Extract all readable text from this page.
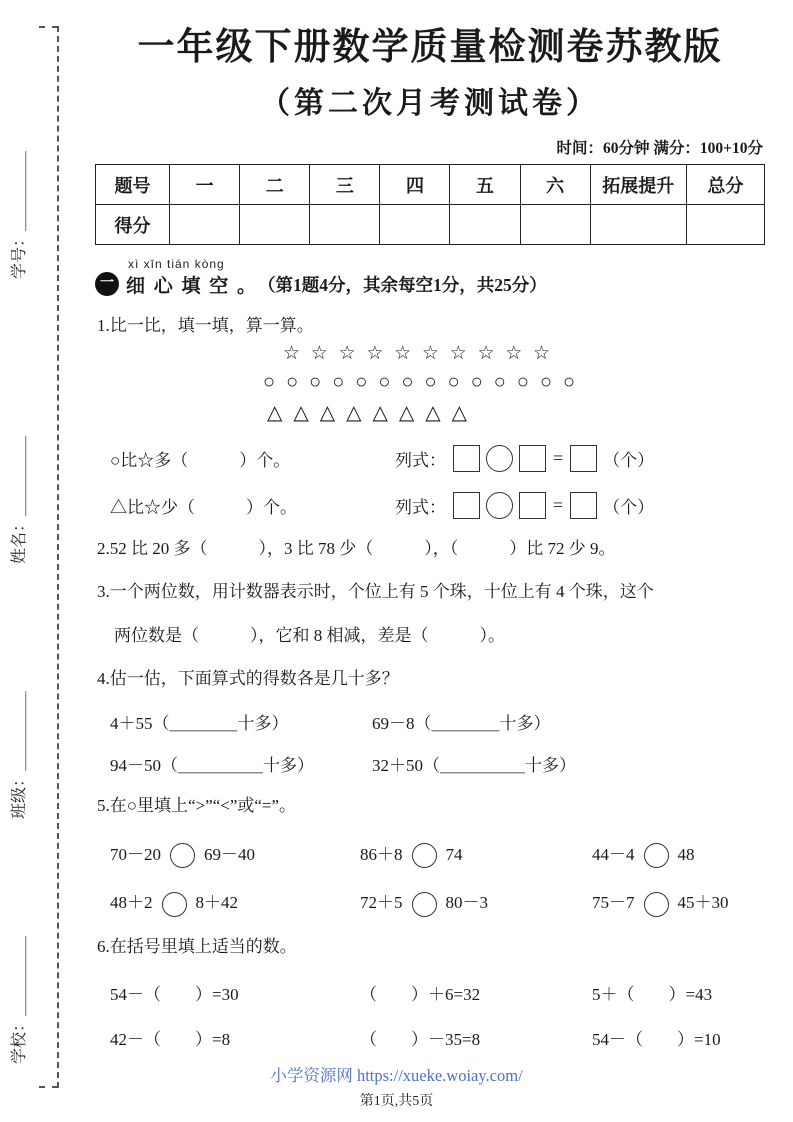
学号：＿＿＿＿＿
姓名：＿＿＿＿＿
班级：＿＿＿＿＿
学校：＿＿＿＿＿
一年级下册数学质量检测卷苏教版
（第二次月考测试卷）
时间：60分钟 满分：100+10分
题号	一	二	三	四	五	六	拓展提升	总分
得分								
一
xì xīn tián kòng
细 心 填 空 。 （第1题4分，其余每空1分，共25分）
1.比一比，填一填，算一算。
☆ ☆ ☆ ☆ ☆ ☆ ☆ ☆ ☆ ☆
○ ○ ○ ○ ○ ○ ○ ○ ○ ○ ○ ○ ○ ○
△ △ △ △ △ △ △ △
○比☆多（　　　）个。	列式：	= （个）
△比☆少（　　　）个。	列式：	= （个）
2.52 比 20 多（　　　），3 比 78 少（　　　），（　　　）比 72 少 9。
3.一个两位数，用计数器表示时，个位上有 5 个珠，十位上有 4 个珠，这个
两位数是（　　　），它和 8 相减，差是（　　　）。
4.估一估，下面算式的得数各是几十多？
4＋55（＿＿＿＿十多）	69－8（＿＿＿＿十多）
94－50（＿＿＿＿＿十多）	32＋50（＿＿＿＿＿十多）
5.在○里填上“>”“<”或“=”。
70－20	69－40	86＋8	74	44－4	48
48＋2	8＋42	72＋5	80－3	75－7	45＋30
6.在括号里填上适当的数。
54－（　　）=30	（　　）＋6=32	5＋（　　）=43
42－（　　）=8	（　　）－35=8	54－（　　）=10
小学资源网 https://xueke.woiay.com/
第1页,共5页
